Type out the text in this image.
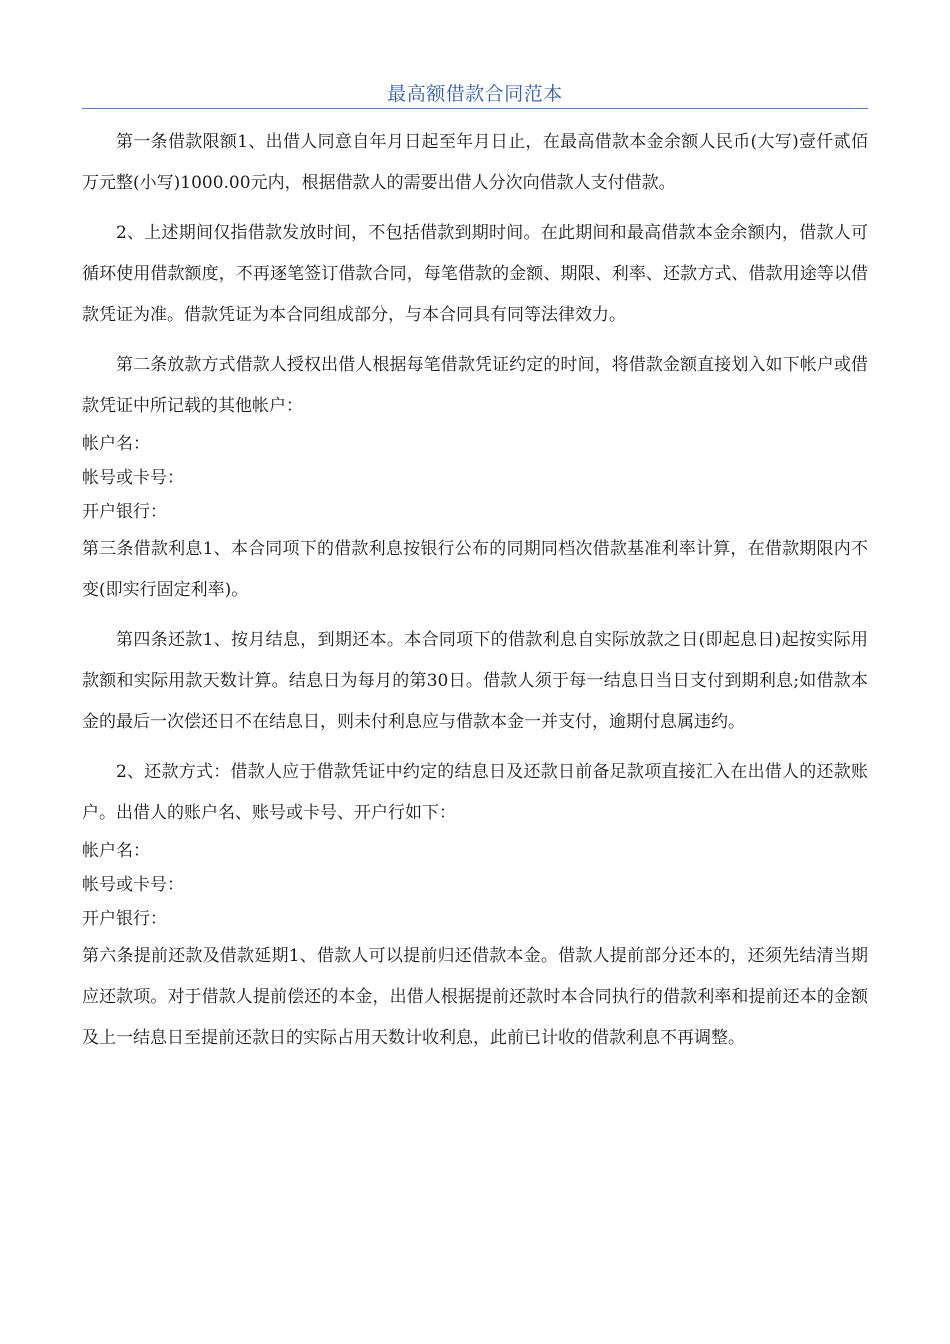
最高额借款合同范本

第一条借款限额1、出借人同意自年月日起至年月日止，在最高借款本金余额人民币(大写)壹仟贰佰万元整(小写)1000.00元内，根据借款人的需要出借人分次向借款人支付借款。

2、上述期间仅指借款发放时间，不包括借款到期时间。在此期间和最高借款本金余额内，借款人可循环使用借款额度，不再逐笔签订借款合同，每笔借款的金额、期限、利率、还款方式、借款用途等以借款凭证为准。借款凭证为本合同组成部分，与本合同具有同等法律效力。

第二条放款方式借款人授权出借人根据每笔借款凭证约定的时间，将借款金额直接划入如下帐户或借款凭证中所记载的其他帐户：

帐户名：

帐号或卡号：

开户银行：

第三条借款利息1、本合同项下的借款利息按银行公布的同期同档次借款基准利率计算，在借款期限内不变(即实行固定利率)。

第四条还款1、按月结息，到期还本。本合同项下的借款利息自实际放款之日(即起息日)起按实际用款额和实际用款天数计算。结息日为每月的第30日。借款人须于每一结息日当日支付到期利息;如借款本金的最后一次偿还日不在结息日，则未付利息应与借款本金一并支付，逾期付息属违约。

2、还款方式：借款人应于借款凭证中约定的结息日及还款日前备足款项直接汇入在出借人的还款账户。出借人的账户名、账号或卡号、开户行如下：

帐户名：

帐号或卡号：

开户银行：

第六条提前还款及借款延期1、借款人可以提前归还借款本金。借款人提前部分还本的，还须先结清当期应还款项。对于借款人提前偿还的本金，出借人根据提前还款时本合同执行的借款利率和提前还本的金额及上一结息日至提前还款日的实际占用天数计收利息，此前已计收的借款利息不再调整。
